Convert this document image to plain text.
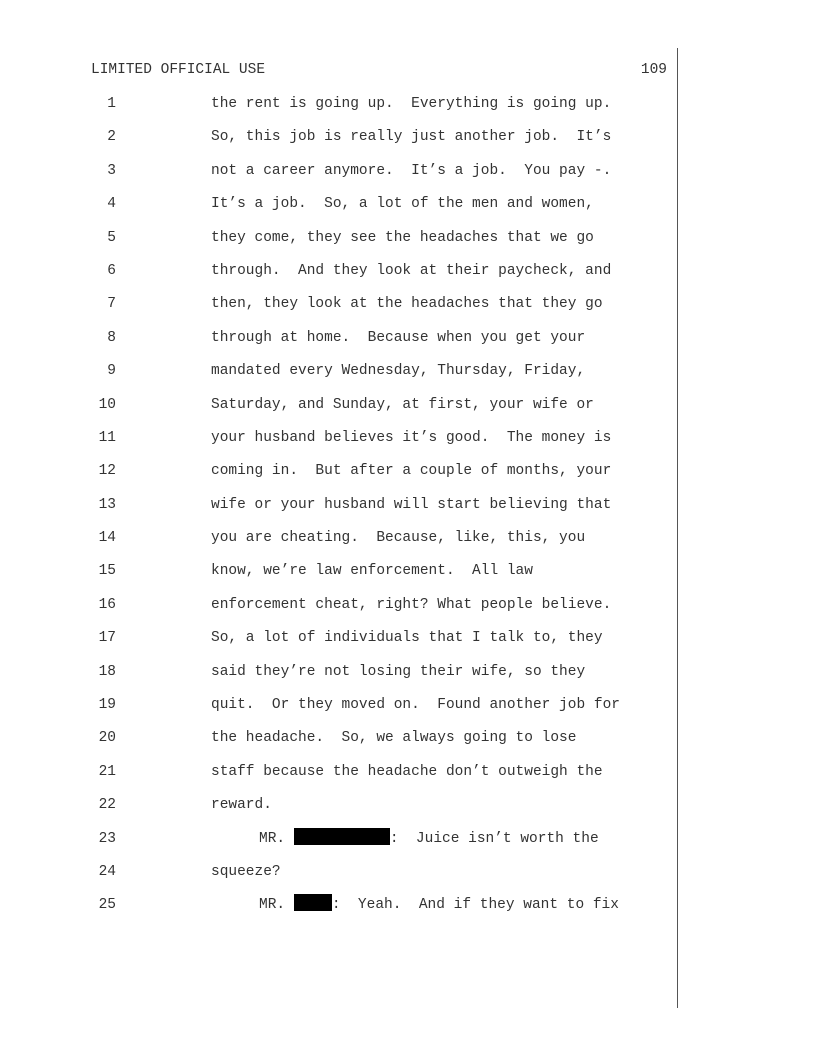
LIMITED OFFICIAL USE	109
1	the rent is going up.  Everything is going up.
2	So, this job is really just another job.  It’s
3	not a career anymore.  It’s a job.  You pay -.
4	It’s a job.  So, a lot of the men and women,
5	they come, they see the headaches that we go
6	through.  And they look at their paycheck, and
7	then, they look at the headaches that they go
8	through at home.  Because when you get your
9	mandated every Wednesday, Thursday, Friday,
10	Saturday, and Sunday, at first, your wife or
11	your husband believes it’s good.  The money is
12	coming in.  But after a couple of months, your
13	wife or your husband will start believing that
14	you are cheating.  Because, like, this, you
15	know, we’re law enforcement.  All law
16	enforcement cheat, right? What people believe.
17	So, a lot of individuals that I talk to, they
18	said they’re not losing their wife, so they
19	quit.  Or they moved on.  Found another job for
20	the headache.  So, we always going to lose
21	staff because the headache don’t outweigh the
22	reward.
23	MR.	:  Juice isn’t worth the
24	squeeze?
25	MR.	:  Yeah.  And if they want to fix
